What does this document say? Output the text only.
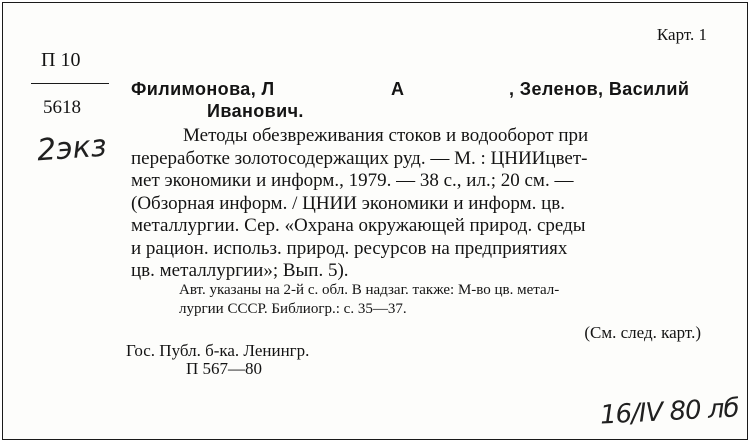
Карт. 1
П 10
5618
2экз
Филимонова, Л	А	, Зеленов, Василий
Иванович.
Методы обезвреживания стоков и водооборот при
переработке золотосодержащих руд. — М. : ЦНИИцвет-
мет экономики и информ., 1979. — 38 с., ил.; 20 см. —
(Обзорная информ. / ЦНИИ экономики и информ. цв.
металлургии. Сер. «Охрана окружающей природ. среды
и рацион. использ. природ. ресурсов на предприятиях
цв. металлургии»; Вып. 5).
Авт. указаны на 2-й с. обл. В надзаг. также: М-во цв. метал-
лургии СССР. Библиогр.: с. 35—37.
(См. след. карт.)
Гос. Публ. б-ка. Ленингр.
П 567—80
16/IV 80 лб
